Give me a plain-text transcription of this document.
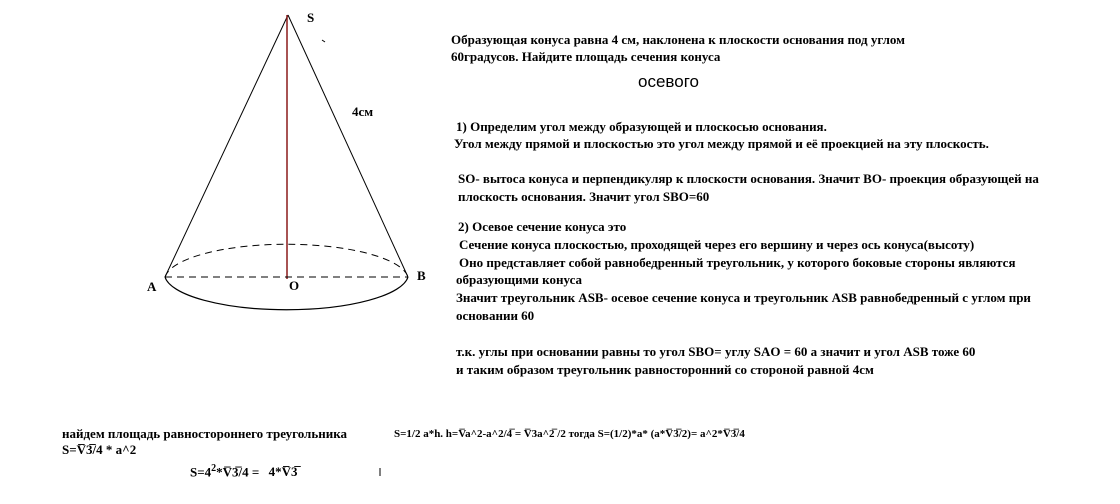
S
A
B
O
4см
Образующая конуса равна 4 см, наклонена к плоскости основания под углом
60градусов. Найдите площадь сечения конуса
осевого
1) Определим угол между образующей и плоскосью основания.
Угол между прямой и плоскостью это угол между прямой и её проекцией на эту плоскость.
SO- вытоса конуса и перпендикуляр к плоскости основания. Значит BO- проекция образующей на
плоскость основания. Значит угол SBO=60
2) Осевое сечение конуса это
Сечение конуса плоскостью, проходящей через его вершину и через ось конуса(высоту)
Оно представляет собой равнобедренный треугольник, у которого боковые стороны являются
образующими конуса
Значит треугольник ASB- осевое сечение конуса и треугольник ASB равнобедренный с углом при
основании 60
т.к. углы при основании равны то угол SBO= углу SAO = 60 а значит и угол ASB тоже 60
и таким образом треугольник равносторонний со стороной равной 4см
найдем площадь равностороннего треугольника	S=1/2 a*h. h=V̅a^2-a^2/4̅ = V̅3a^2̅ /2 тогда S=(1/2)*a* (a*V̅3̅/2)= a^2*V̅3̅/4
S=V̅3̅/4 * a^2
$S=4^2*V̅3̅/4$ = 4*V̅3̅
